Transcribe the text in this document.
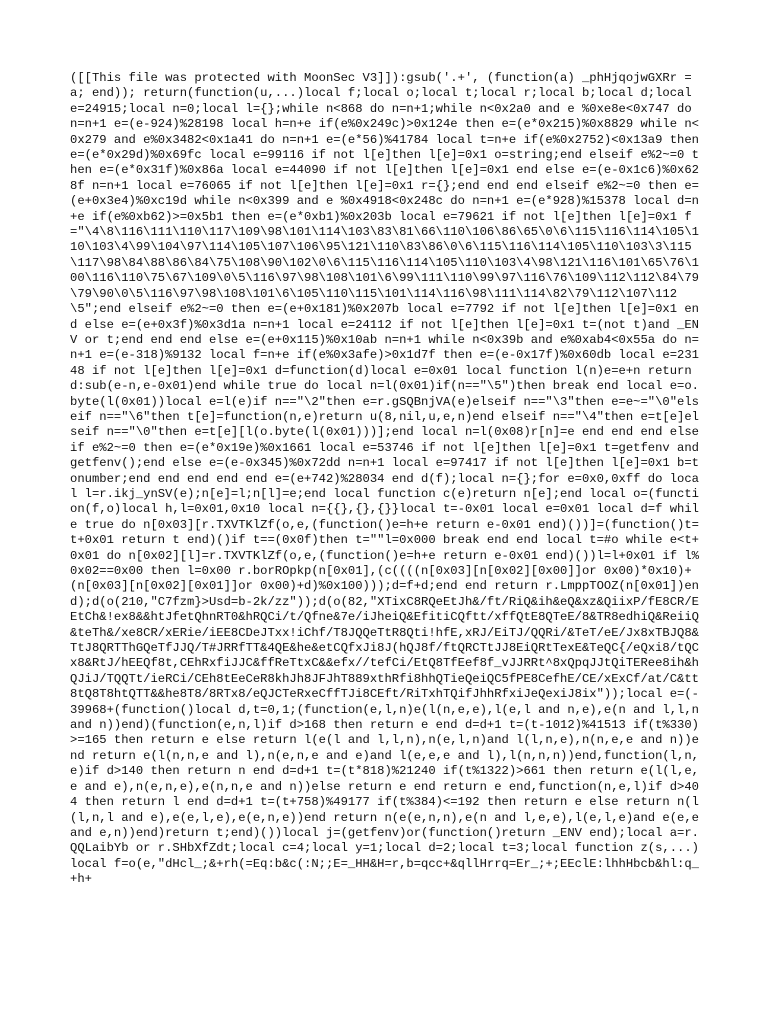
([[This file was protected with MoonSec V3]]):gsub('.+', (function(a) _phHjqojwGXRr = a; end)); return(function(u,...)local f;local o;local t;local r;local b;local d;local e=24915;local n=0;local l={};while n<868 do n=n+1;while n<0x2a0 and e %0xe8e<0x747 do n=n+1 e=(e-924)%28198 local h=n+e if(e%0x249c)>0x124e then e=(e*0x215)%0x8829 while n<0x279 and e%0x3482<0x1a41 do n=n+1 e=(e*56)%41784 local t=n+e if(e%0x2752)<0x13a9 then e=(e*0x29d)%0x69fc local e=99116 if not l[e]then l[e]=0x1 o=string;end elseif e%2~=0 then e=(e*0x31f)%0x86a local e=44090 if not l[e]then l[e]=0x1 end else e=(e-0x1c6)%0x628f n=n+1 local e=76065 if not l[e]then l[e]=0x1 r={};end end end elseif e%2~=0 then e=(e+0x3e4)%0xc19d while n<0x399 and e %0x4918<0x248c do n=n+1 e=(e*928)%15378 local d=n+e if(e%0xb62)>=0x5b1 then e=(e*0xb1)%0x203b local e=79621 if not l[e]then l[e]=0x1 f="\4\8\116\111\110\117\109\98\101\114\103\83\81\66\110\106\86\65\0\6\115\116\114\105\110\103\4\99\104\97\114\105\107\106\95\121\110\83\86\0\6\115\116\114\105\110\103\3\115\117\98\84\88\86\84\75\108\90\102\0\6\115\116\114\105\110\103\4\98\121\116\101\65\76\100\116\110\75\67\109\0\5\116\97\98\108\101\6\99\111\110\99\97\116\76\109\112\112\84\79\79\90\0\5\116\97\98\108\101\6\105\110\115\101\114\116\98\111\114\82\79\112\107\112\5";end elseif e%2~=0 then e=(e+0x181)%0x207b local e=7792 if not l[e]then l[e]=0x1 end else e=(e+0x3f)%0x3d1a n=n+1 local e=24112 if not l[e]then l[e]=0x1 t=(not t)and _ENV or t;end end end else e=(e+0x115)%0x10ab n=n+1 while n<0x39b and e%0xab4<0x55a do n=n+1 e=(e-318)%9132 local f=n+e if(e%0x3afe)>0x1d7f then e=(e-0x17f)%0x60db local e=23148 if not l[e]then l[e]=0x1 d=function(d)local e=0x01 local function l(n)e=e+n return d:sub(e-n,e-0x01)end while true do local n=l(0x01)if(n=="\5")then break end local e=o.byte(l(0x01))local e=l(e)if n=="\2"then e=r.gSQBnjVA(e)elseif n=="\3"then e=e~="\0"elseif n=="\6"then t[e]=function(n,e)return u(8,nil,u,e,n)end elseif n=="\4"then e=t[e]elseif n=="\0"then e=t[e][l(o.byte(l(0x01)))];end local n=l(0x08)r[n]=e end end end elseif e%2~=0 then e=(e*0x19e)%0x1661 local e=53746 if not l[e]then l[e]=0x1 t=getfenv and getfenv();end else e=(e-0x345)%0x72dd n=n+1 local e=97417 if not l[e]then l[e]=0x1 b=tonumber;end end end end end e=(e+742)%28034 end d(f);local n={};for e=0x0,0xff do local l=r.ikj_ynSV(e);n[e]=l;n[l]=e;end local function c(e)return n[e];end local o=(function(f,o)local h,l=0x01,0x10 local n={{},{},{}}local t=-0x01 local e=0x01 local d=f while true do n[0x03][r.TXVTKlZf(o,e,(function()e=h+e return e-0x01 end)())]=(function()t=t+0x01 return t end)()if t==(0x0f)then t=""l=0x000 break end end local t=#o while e<t+0x01 do n[0x02][l]=r.TXVTKlZf(o,e,(function()e=h+e return e-0x01 end)())l=l+0x01 if l%0x02==0x00 then l=0x00 r.borROpkp(n[0x01],(c((((n[0x03][n[0x02][0x00]]or 0x00)*0x10)+(n[0x03][n[0x02][0x01]]or 0x00)+d)%0x100)));d=f+d;end end return r.LmppTOOZ(n[0x01])end);d(o(210,"C7fzm}>Usd=b-2k/zz"));d(o(82,"XTixC8RQeEtJh&/ft/RiQ&ih&eQ&xz&QiixP/fE8CR/EEtCh&!ex8&&htJfetQhnRT0&hRQCi/t/Qfne&7e/iJheiQ&EfitiCQftt/xffQtE8QTeE/8&TR8edhiQ&ReiiQ&teTh&/xe8CR/xERie/iEE8CDeJTxx!iChf/T8JQQeTtR8Qti!hfE,xRJ/EiTJ/QQRi/&TeT/eE/Jx8xTBJQ8&TtJ8QRTThGQeTfJJQ/T#JRRfTT&4QE&he&etCQfxJi8J(hQJ8f/ftQRCTtJJ8EiQRtTexE&TeQC{/eQxi8/tQCx8&RtJ/hEEQf8t,CEhRxfiJJC&ffReTtxC&&efx//tefCi/EtQ8TfEef8f_vJJRRt^8xQpqJJtQiTERee8ih&hQJiJ/TQQTt/ieRCi/CEh8tEeCeR8khJh8JFJhT889xthRfi8hhQTieQeiQC5fPE8CefhE/CE/xExCf/at/C&tt8tQ8T8htQTT&&he8T8/8RTx8/eQJCTeRxeCffTJi8CEft/RiTxhTQifJhhRfxiJeQexiJ8ix"));local e=(-39968+(function()local d,t=0,1;(function(e,l,n)e(l(n,e,e),l(e,l and n,e),e(n and l,l,n and n))end)(function(e,n,l)if d>168 then return e end d=d+1 t=(t-1012)%41513 if(t%330)>=165 then return e else return l(e(l and l,l,n),n(e,l,n)and l(l,n,e),n(n,e,e and n))end return e(l(n,n,e and l),n(e,n,e and e)and l(e,e,e and l),l(n,n,n))end,function(l,n,e)if d>140 then return n end d=d+1 t=(t*818)%21240 if(t%1322)>661 then return e(l(l,e,e and e),n(e,n,e),e(n,n,e and n))else return e end return e end,function(n,e,l)if d>404 then return l end d=d+1 t=(t+758)%49177 if(t%384)<=192 then return e else return n(l(l,n,l and e),e(e,l,e),e(e,n,e))end return n(e(e,n,n),e(n and l,e,e),l(e,l,e)and e(e,e and e,n))end)return t;end)())local j=(getfenv)or(function()return _ENV end);local a=r.QQLaibYb or r.SHbXfZdt;local c=4;local y=1;local d=2;local t=3;local function z(s,...)local f=o(e,"dHcl_;&+rh(=Eq:b&c(:N;;E=_HH&H=r,b=qcc+&qllHrrq=Er_;+;EEclE:lhhHbcb&hl:q_+h+
